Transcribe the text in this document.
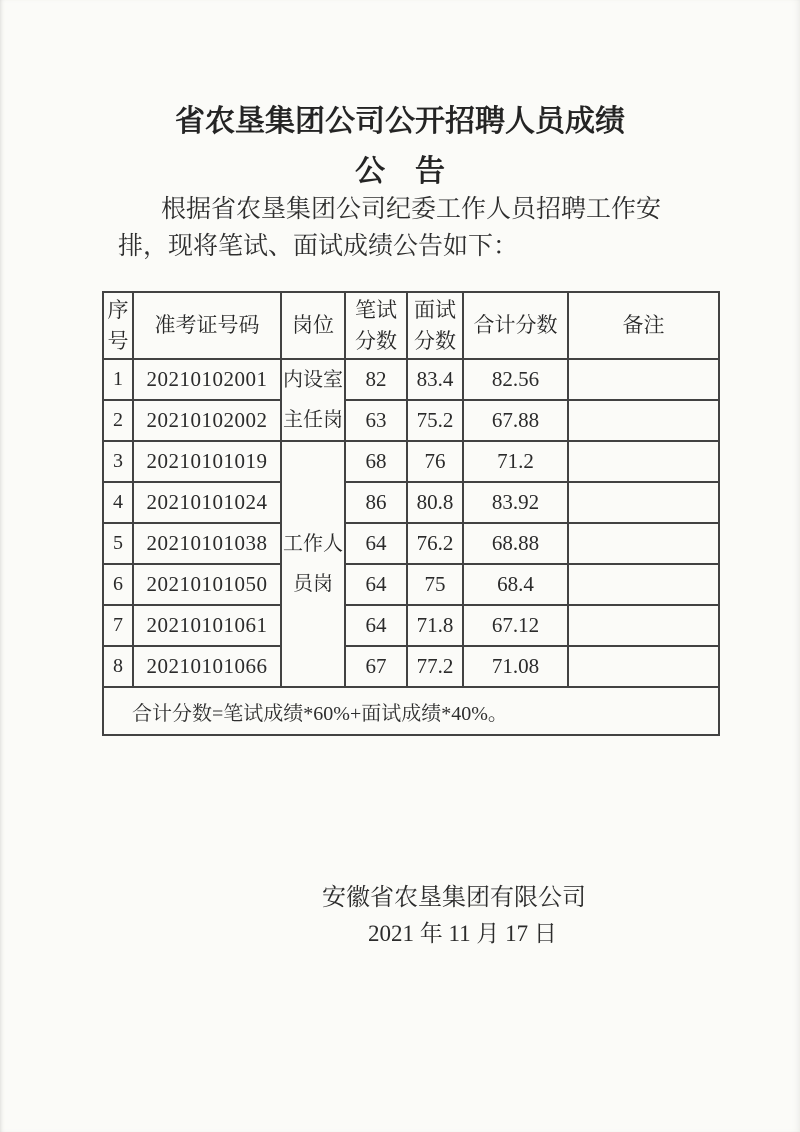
省农垦集团公司公开招聘人员成绩
公　告
根据省农垦集团公司纪委工作人员招聘工作安
排，现将笔试、面试成绩公告如下：
序号	准考证号码	岗位	笔试分数	面试分数	合计分数	备注
1	20210102001	内设室主任岗	82	83.4	82.56	
2	20210102002		63	75.2	67.88	
3	20210101019	工作人员岗	68	76	71.2	
4	20210101024		86	80.8	83.92	
5	20210101038		64	76.2	68.88	
6	20210101050		64	75	68.4	
7	20210101061		64	71.8	67.12	
8	20210101066		67	77.2	71.08	
合计分数=笔试成绩*60%+面试成绩*40%。						
安徽省农垦集团有限公司
2021 年 11 月 17 日
